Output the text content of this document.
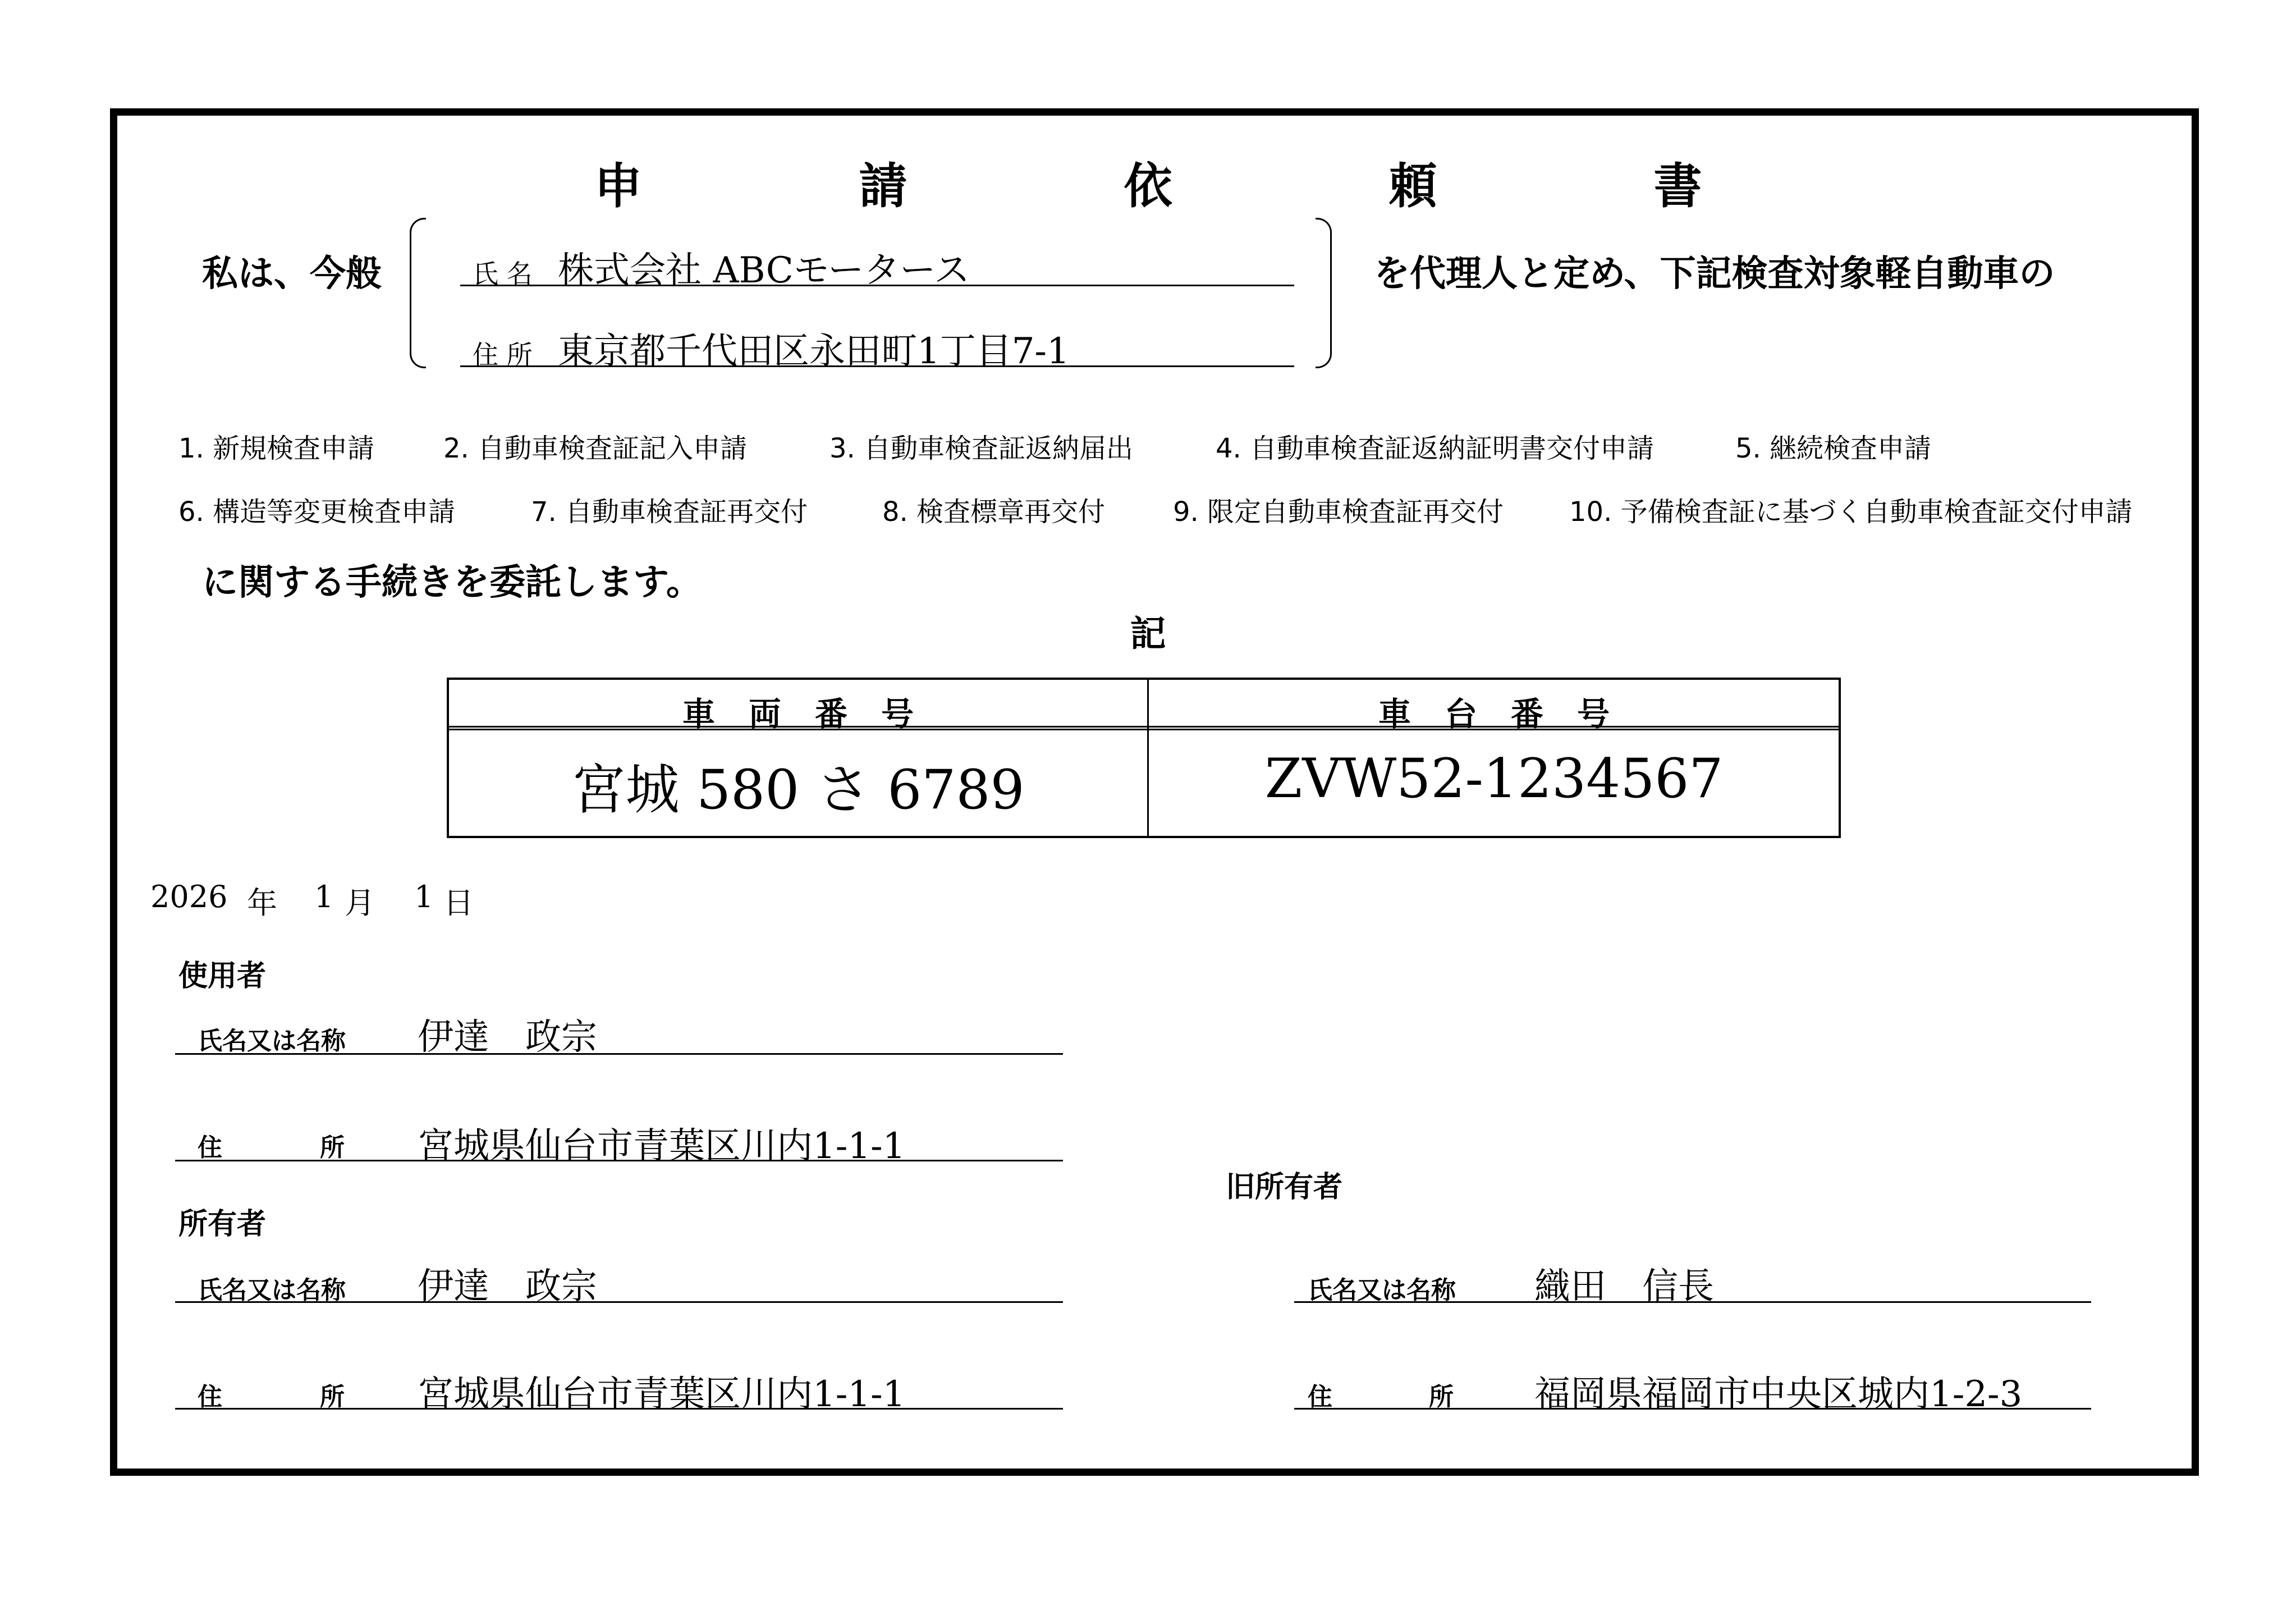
申　請　依　頼　書
私は、今般	氏 名 株式会社 ABCモータース
住 所 東京都千代田区永田町1丁目7-1
を代理人と定め、下記検査対象軽自動車の
1. 新規検査申請	2. 自動車検査証記入申請	3. 自動車検査証返納届出	4. 自動車検査証返納証明書交付申請	5. 継続検査申請
6. 構造等変更検査申請	7. 自動車検査証再交付	8. 検査標章再交付	9. 限定自動車検査証再交付 10. 予備検査証に基づく自動車検査証交付申請
に関する手続きを委託します。
記
車両番号	車台番号
宮城 580 さ 6789	ZVW52-1234567
2026 年 1 月 1 日
使用者
氏名又は名称 伊達　政宗
住	所 宮城県仙台市青葉区川内1-1-1
所有者
氏名又は名称 伊達　政宗
住	所 宮城県仙台市青葉区川内1-1-1
旧所有者
氏名又は名称 織田　信長
住	所 福岡県福岡市中央区城内1-2-3
